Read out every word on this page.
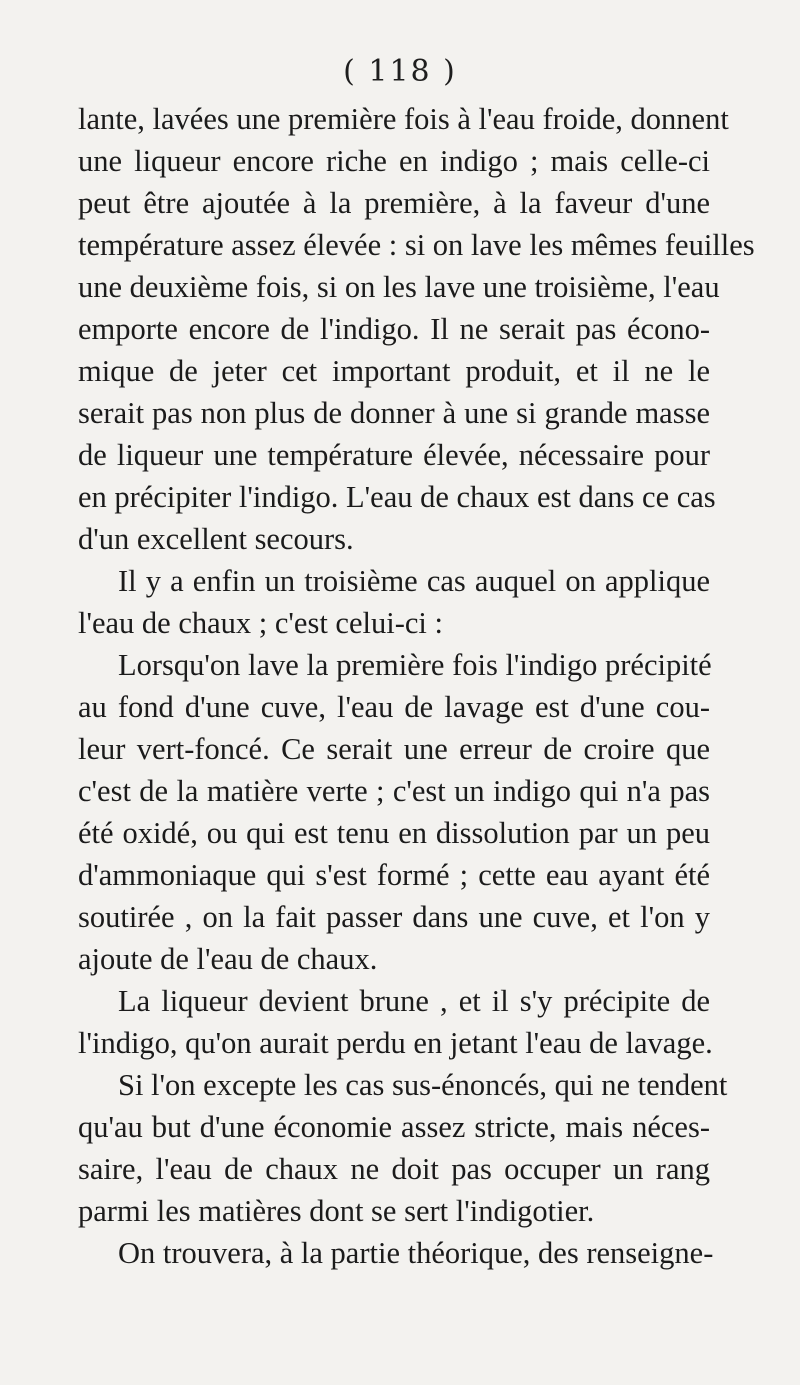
( 118 )
lante, lavées une première fois à l'eau froide, donnent
une liqueur encore riche en indigo ; mais celle-ci
peut être ajoutée à la première, à la faveur d'une
température assez élevée : si on lave les mêmes feuilles
une deuxième fois, si on les lave une troisième, l'eau
emporte encore de l'indigo. Il ne serait pas écono-
mique de jeter cet important produit, et il ne le
serait pas non plus de donner à une si grande masse
de liqueur une température élevée, nécessaire pour
en précipiter l'indigo. L'eau de chaux est dans ce cas
d'un excellent secours.
Il y a enfin un troisième cas auquel on applique
l'eau de chaux ; c'est celui-ci :
Lorsqu'on lave la première fois l'indigo précipité
au fond d'une cuve, l'eau de lavage est d'une cou-
leur vert-foncé. Ce serait une erreur de croire que
c'est de la matière verte ; c'est un indigo qui n'a pas
été oxidé, ou qui est tenu en dissolution par un peu
d'ammoniaque qui s'est formé ; cette eau ayant été
soutirée , on la fait passer dans une cuve, et l'on y
ajoute de l'eau de chaux.
La liqueur devient brune , et il s'y précipite de
l'indigo, qu'on aurait perdu en jetant l'eau de lavage.
Si l'on excepte les cas sus-énoncés, qui ne tendent
qu'au but d'une économie assez stricte, mais néces-
saire, l'eau de chaux ne doit pas occuper un rang
parmi les matières dont se sert l'indigotier.
On trouvera, à la partie théorique, des renseigne-
